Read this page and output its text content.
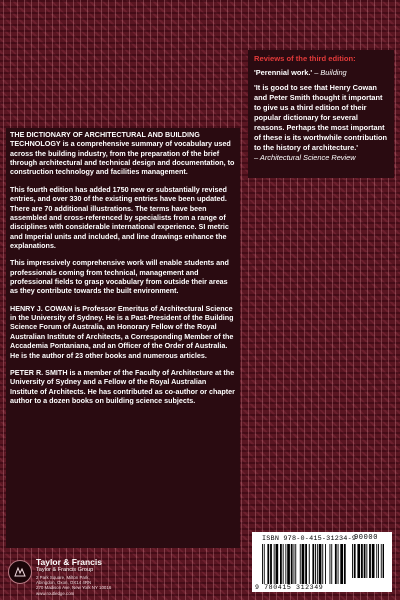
Reviews of the third edition:
'Perennial work.' – Building
'It is good to see that Henry Cowan and Peter Smith thought it important to give us a third edition of their popular dictionary for several reasons. Perhaps the most important of these is its worthwhile contribution to the history of architecture.'
– Architectural Science Review

THE DICTIONARY OF ARCHITECTURAL AND BUILDING TECHNOLOGY is a comprehensive summary of vocabulary used across the building industry, from the preparation of the brief through architectural and technical design and documentation, to construction technology and facilities management.

This fourth edition has added 1750 new or substantially revised entries, and over 330 of the existing entries have been updated. There are 70 additional illustrations. The terms have been assembled and cross-referenced by specialists from a range of disciplines with considerable international experience. SI metric and Imperial units and included, and line drawings enhance the explanations.

This impressively comprehensive work will enable students and professionals coming from technical, management and professional fields to grasp vocabulary from outside their areas as they contribute towards the built environment.

HENRY J. COWAN is Professor Emeritus of Architectural Science in the University of Sydney. He is a Past-President of the Building Science Forum of Australia, an Honorary Fellow of the Royal Australian Institute of Architects, a Corresponding Member of the Accademia Pontaniana, and an Officer of the Order of Australia. He is the author of 23 other books and numerous articles.

PETER R. SMITH is a member of the Faculty of Architecture at the University of Sydney and a Fellow of the Royal Australian Institute of Architects. He has contributed as co-author or chapter author to a dozen books on building science subjects.

Taylor & Francis
Taylor & Francis Group
2 Park Square, Milton Park,
Abingdon, Oxon, OX14 4RN
270 Madison Ave, New York NY 10016
www.routledge.com
ISBN 978-0-415-31234-9
90000
9 780415 312349
